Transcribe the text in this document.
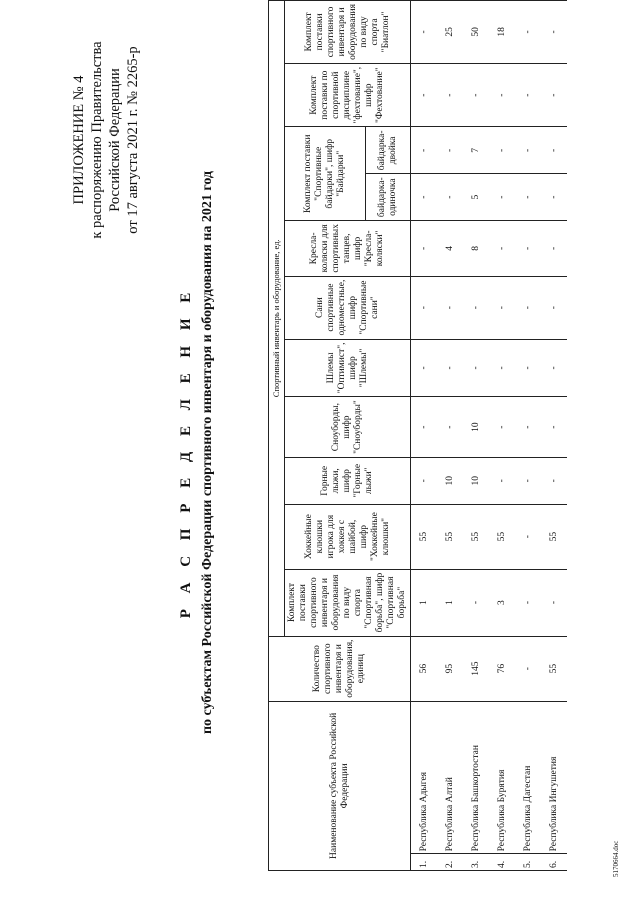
ПРИЛОЖЕНИЕ № 4 к распоряжению Правительства Российской Федерации от 17 августа 2021 г. № 2265-р
Р А С П Р Е Д Е Л Е Н И Е по субъектам Российской Федерации спортивного инвентаря и оборудования на 2021 год
Наименование субъекта Российской Федерации		Количество спортивного инвентаря и оборудования, единиц	Спортивный инвентарь и оборудование, ед.										
			Комплект поставки спортивного инвентаря и оборудования по виду спорта "Спортивная борьба", шифр "Спортивная борьба"	Хоккейные клюшки игрока для хоккея с шайбой, шифр "Хоккейные клюшки"	Горные лыжи, шифр "Горные лыжи"	Сноуборды, шифр "Сноуборды"	Шлемы "Оптимист", шифр "Шлемы"	Сани спортивные одноместные, шифр "Спортивные сани"	Кресла-коляски для спортивных танцев, шифр "Кресла-коляски"	Комплект поставки "Спортивные байдарки", шифр "Байдарки"		Комплект поставки по спортивной дисциплине "фехтование", шифр "Фехтование"	Комплект поставки спортивного инвентаря и оборудования по виду спорта "Биатлон"
										байдарка-одиночка	байдарка-двойка		
1.	Республика Адыгея	56	1	55	-	-	-	-	-	-	-	-	-
2.	Республика Алтай	95	1	55	10	-	-	-	4	-	-	-	25
3.	Республика Башкортостан	145	-	55	10	10	-	-	8	5	7	-	50
4.	Республика Бурятия	76	3	55	-	-	-	-	-	-	-	-	18
5.	Республика Дагестан	-	-	-	-	-	-	-	-	-	-	-	-
6.	Республика Ингушетия	55	-	55	-	-	-	-	-	-	-	-	-
5170664.doc
